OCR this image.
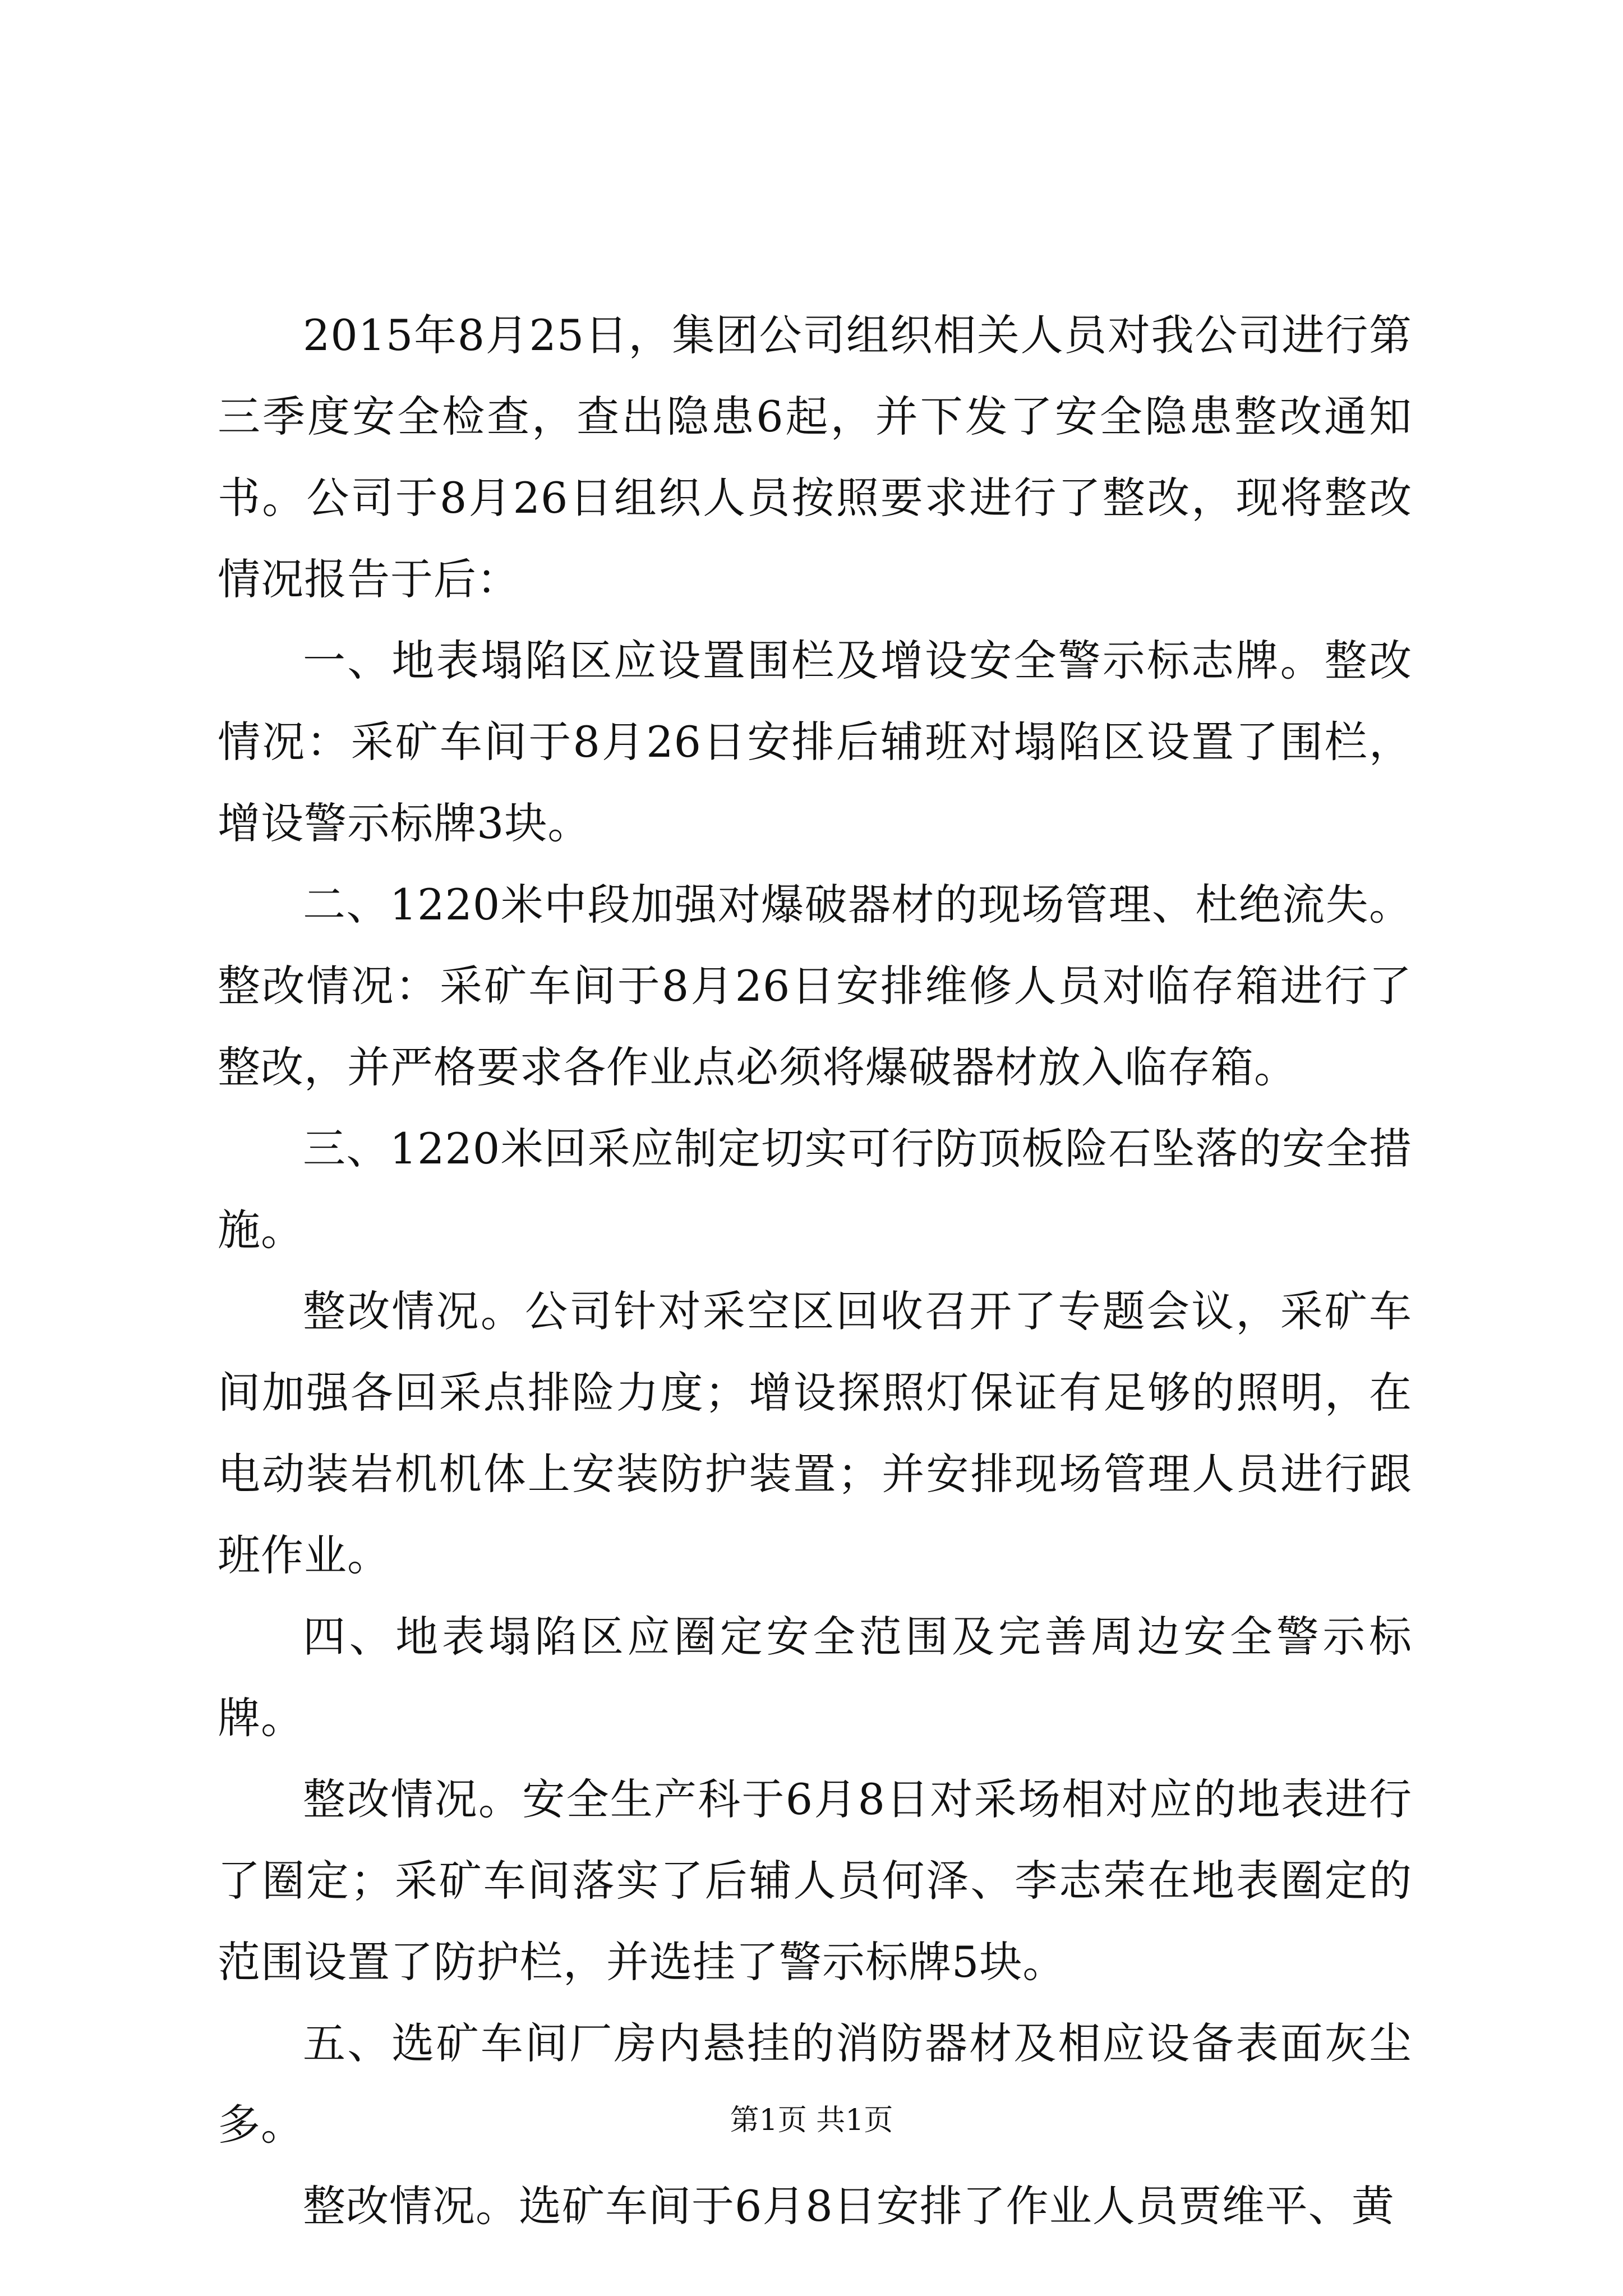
2015年8月25日，集团公司组织相关人员对我公司进行第三季度安全检查，查出隐患6起，并下发了安全隐患整改通知书。公司于8月26日组织人员按照要求进行了整改，现将整改情况报告于后：

一、地表塌陷区应设置围栏及增设安全警示标志牌。整改情况：采矿车间于8月26日安排后辅班对塌陷区设置了围栏，增设警示标牌3块。

二、1220米中段加强对爆破器材的现场管理、杜绝流失。整改情况：采矿车间于8月26日安排维修人员对临存箱进行了整改，并严格要求各作业点必须将爆破器材放入临存箱。

三、1220米回采应制定切实可行防顶板险石坠落的安全措施。

整改情况。公司针对采空区回收召开了专题会议，采矿车间加强各回采点排险力度；增设探照灯保证有足够的照明，在电动装岩机机体上安装防护装置；并安排现场管理人员进行跟班作业。

四、地表塌陷区应圈定安全范围及完善周边安全警示标牌。

整改情况。安全生产科于6月8日对采场相对应的地表进行了圈定；采矿车间落实了后辅人员何泽、李志荣在地表圈定的范围设置了防护栏，并选挂了警示标牌5块。

五、选矿车间厂房内悬挂的消防器材及相应设备表面灰尘多。

整改情况。选矿车间于6月8日安排了作业人员贾维平、黄

第1页 共1页
